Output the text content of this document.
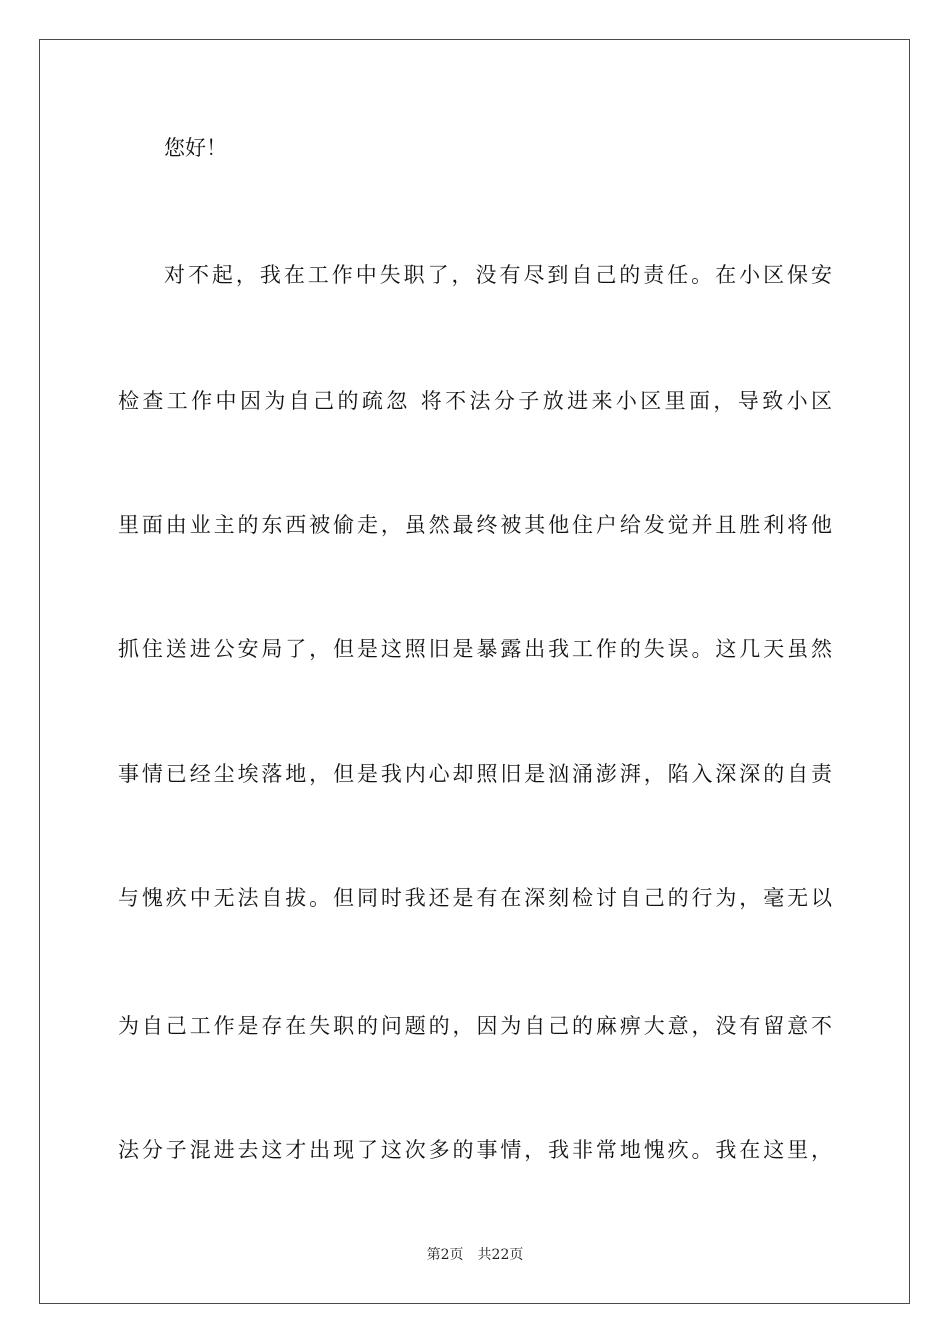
您好！
对不起，我在工作中失职了，没有尽到自己的责任。在小区保安
检查工作中因为自己的疏忽 将不法分子放进来小区里面，导致小区
里面由业主的东西被偷走，虽然最终被其他住户给发觉并且胜利将他
抓住送进公安局了，但是这照旧是暴露出我工作的失误。这几天虽然
事情已经尘埃落地，但是我内心却照旧是汹涌澎湃，陷入深深的自责
与愧疚中无法自拔。但同时我还是有在深刻检讨自己的行为，毫无以
为自己工作是存在失职的问题的，因为自己的麻痹大意，没有留意不
法分子混进去这才出现了这次多的事情，我非常地愧疚。我在这里，
第2页 共22页
